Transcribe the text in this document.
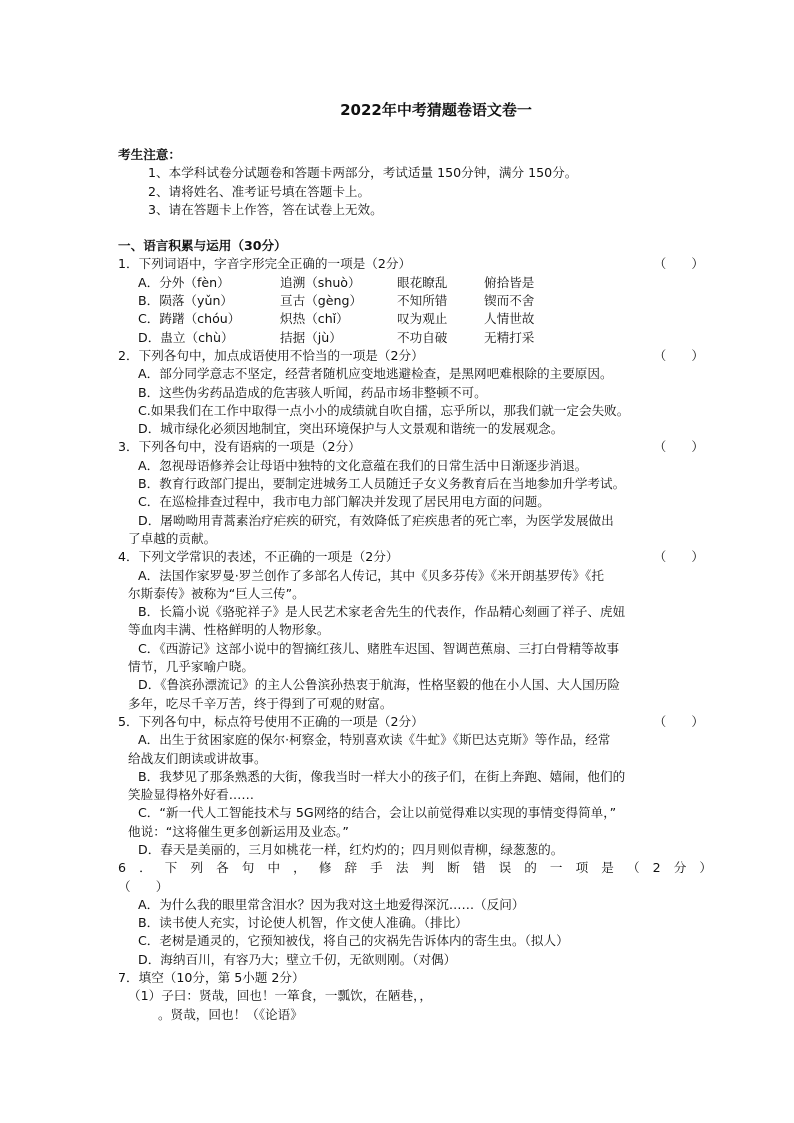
2022年中考猜题卷语文卷一
考生注意：
1、本学科试卷分试题卷和答题卡两部分，考试适量 150分钟，满分 150分。
2、请将姓名、准考证号填在答题卡上。
3、请在答题卡上作答，答在试卷上无效。
一、语言积累与运用（30分）
1．下列词语中，字音字形完全正确的一项是（2分）	（　　）
A．分外（fèn）	追溯（shuò）	眼花瞭乱	俯拾皆是
B．陨落（yǔn）	亘古（gèng）	不知所错	锲而不舍
C．踌躇（chóu）	炽热（chǐ）	叹为观止	人情世故
D．蛊立（chù）	拮据（jù）	不功自破	无精打采
2．下列各句中，加点成语使用不恰当的一项是（2分）	（　　）
A．部分同学意志不坚定，经营者随机应变地逃避检查，是黑网吧难根除的主要原因。
B．这些伪劣药品造成的危害骇人听闻，药品市场非整顿不可。
C.如果我们在工作中取得一点小小的成绩就自吹自擂，忘乎所以，那我们就一定会失败。
D．城市绿化必须因地制宜，突出环境保护与人文景观和谐统一的发展观念。
3．下列各句中，没有语病的一项是（2分）	（　　）
A．忽视母语修养会让母语中独特的文化意蕴在我们的日常生活中日渐逐步消退。
B．教育行政部门提出，要制定进城务工人员随迁子女义务教育后在当地参加升学考试。
C．在巡检排查过程中，我市电力部门解决并发现了居民用电方面的问题。
D．屠呦呦用青蒿素治疗疟疾的研究，有效降低了疟疾患者的死亡率，为医学发展做出
了卓越的贡献。
4．下列文学常识的表述，不正确的一项是（2分）	（　　）
A．法国作家罗曼·罗兰创作了多部名人传记，其中《贝多芬传》《米开朗基罗传》《托
尔斯泰传》被称为“巨人三传”。
B．长篇小说《骆驼祥子》是人民艺术家老舍先生的代表作，作品精心刻画了祥子、虎妞
等血肉丰满、性格鲜明的人物形象。
C．《西游记》这部小说中的智摘红孩儿、赌胜车迟国、智调芭蕉扇、三打白骨精等故事
情节，几乎家喻户晓。
D．《鲁滨孙漂流记》的主人公鲁滨孙热衷于航海，性格坚毅的他在小人国、大人国历险
多年，吃尽千辛万苦，终于得到了可观的财富。
5．下列各句中，标点符号使用不正确的一项是（2分）	（　　）
A．出生于贫困家庭的保尔·柯察金，特别喜欢读《牛虻》《斯巴达克斯》等作品，经常
给战友们朗读或讲故事。
B．我梦见了那条熟悉的大街，像我当时一样大小的孩子们，在街上奔跑、嬉闹，他们的
笑脸显得格外好看……
C．“新一代人工智能技术与 5G网络的结合，会让以前觉得难以实现的事情变得简单，”
他说：“这将催生更多创新运用及业态。”
D．春天是美丽的，三月如桃花一样，红灼灼的；四月则似青柳，绿葱葱的。
6．下列各句中，修辞手法判断错误的一项是（2分）
（　　）
A．为什么我的眼里常含泪水？因为我对这土地爱得深沉……（反问）
B．读书使人充实，讨论使人机智，作文使人准确。（排比）
C．老树是通灵的，它预知被伐，将自己的灾祸先告诉体内的寄生虫。（拟人）
D．海纳百川，有容乃大；壁立千仞，无欲则刚。（对偶）
7．填空（10分，第 5小题 2分）
（1）子曰：贤哉，回也！一箪食，一瓢饮，在陋巷，，
。贤哉，回也！（《论语》
